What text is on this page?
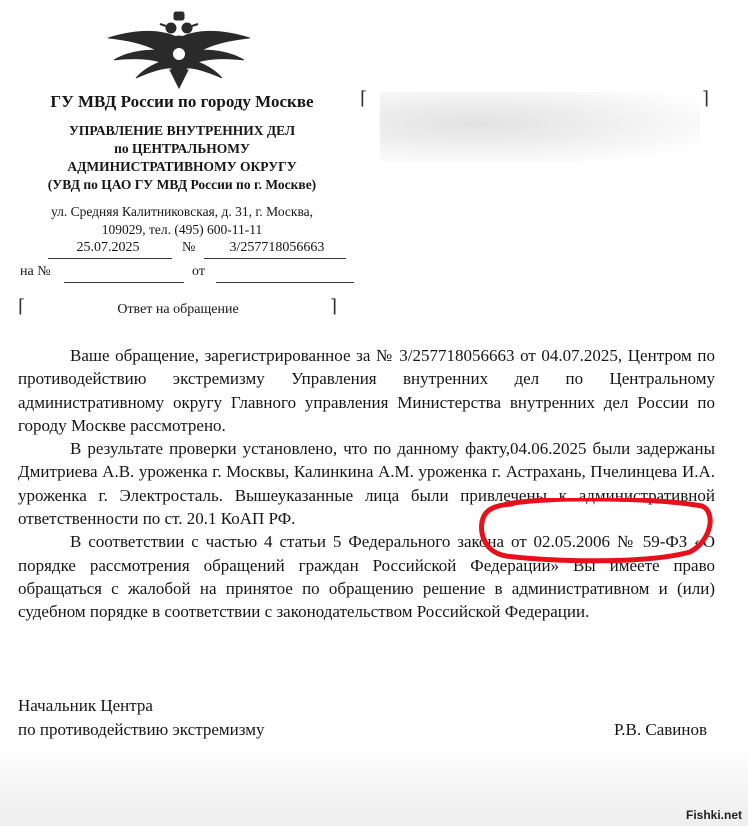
ГУ МВД России по городу Москве
УПРАВЛЕНИЕ ВНУТРЕННИХ ДЕЛ
по ЦЕНТРАЛЬНОМУ
АДМИНИСТРАТИВНОМУ ОКРУГУ
(УВД по ЦАО ГУ МВД России по г. Москве)
ул. Средняя Калитниковская, д. 31, г. Москва,
109029, тел. (495) 600-11-11
25.07.2025	№	3/257718056663
на №	от
⌈	⌉
Ответ на обращение
⌈	⌉

Ваше обращение, зарегистрированное за № 3/257718056663 от 04.07.2025, Центром по противодействию экстремизму Управления внутренних дел по Центральному административному округу Главного управления Министерства внутренних дел России по городу Москве рассмотрено.

В результате проверки установлено, что по данному факту,04.06.2025 были задержаны Дмитриева А.В. уроженка г. Москвы, Калинкина А.М. уроженка г. Астрахань, Пчелинцева И.А. уроженка г. Электросталь. Вышеуказанные лица были привлечены к административной ответственности по ст. 20.1 КоАП РФ.

В соответствии с частью 4 статьи 5 Федерального закона от 02.05.2006 № 59-ФЗ «О порядке рассмотрения обращений граждан Российской Федерации» Вы имеете право обращаться с жалобой на принятое по обращению решение в административном и (или) судебном порядке в соответствии с законодательством Российской Федерации.

Начальник Центра
по противодействию экстремизму	Р.В. Савинов
Fishki.net
